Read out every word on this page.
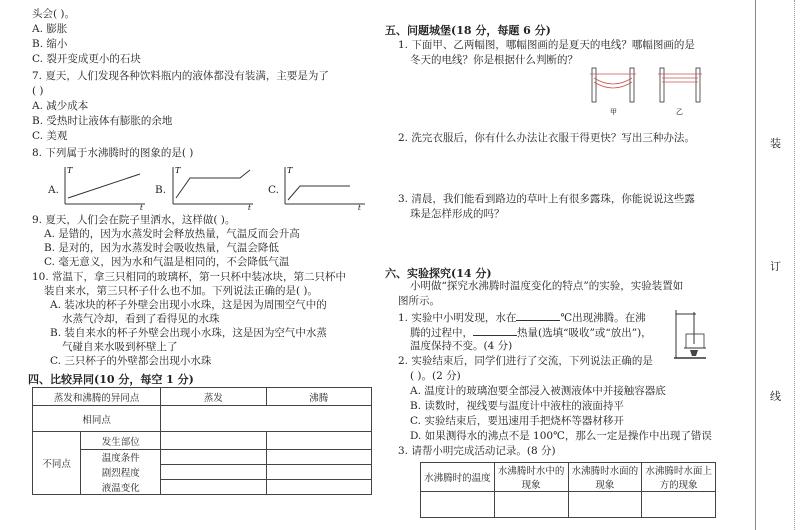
头会( )。
A. 膨胀
B. 缩小
C. 裂开变成更小的石块
7. 夏天，人们发现各种饮料瓶内的液体都没有装满，主要是为了
( )
A. 减少成本
B. 受热时让液体有膨胀的余地
C. 美观
8. 下列属于水沸腾时的图象的是( )
A.
T
t
B.
T
t
C.
T
t
9. 夏天，人们会在院子里洒水，这样做( )。
A. 是错的，因为水蒸发时会释放热量，气温反而会升高
B. 是对的，因为水蒸发时会吸收热量，气温会降低
C. 毫无意义，因为水和气温是相同的，不会降低气温
10. 常温下，拿三只相同的玻璃杯，第一只杯中装冰块，第二只杯中
装自来水，第三只杯子什么也不加。下列说法正确的是( )。
A. 装冰块的杯子外壁会出现小水珠，这是因为周围空气中的
水蒸气冷却，看到了看得见的水珠
B. 装自来水的杯子外壁会出现小水珠，这是因为空气中水蒸
气碰自来水吸到杯壁上了
C. 三只杯子的外壁都会出现小水珠
四、比较异同(10 分，每空 1 分)
蒸发和沸腾的异同点		蒸发	沸腾
相同点			
不同点	发生部位		
	温度条件		
	剧烈程度		
	液温变化		
五、问题城堡(18 分，每题 6 分)
1. 下面甲、乙两幅图，哪幅图画的是夏天的电线？哪幅图画的是
冬天的电线？你是根据什么判断的？
甲	乙
2. 洗完衣服后，你有什么办法让衣服干得更快？写出三种办法。
3. 清晨，我们能看到路边的草叶上有很多露珠，你能说说这些露
珠是怎样形成的吗？
六、实验探究(14 分)
小明做“探究水沸腾时温度变化的特点”的实验，实验装置如
图所示。
1. 实验中小明发现，水在	℃出现沸腾。在沸
腾的过程中，	热量(选填“吸收”或“放出”)，
温度保持不变。(4 分)
2. 实验结束后，同学们进行了交流，下列说法正确的是
( )。(2 分)
A. 温度计的玻璃泡要全部浸入被测液体中并接触容器底
B. 读数时，视线要与温度计中液柱的液面持平
C. 实验结束后，要迅速用手把烧杯等器材移开
D. 如果测得水的沸点不是 100℃，那么一定是操作中出现了错误
3. 请帮小明完成活动记录。(8 分)
水沸腾时的温度	水沸腾时水中的现象	水沸腾时水面的现象	水沸腾时水面上方的现象

装
订
线
